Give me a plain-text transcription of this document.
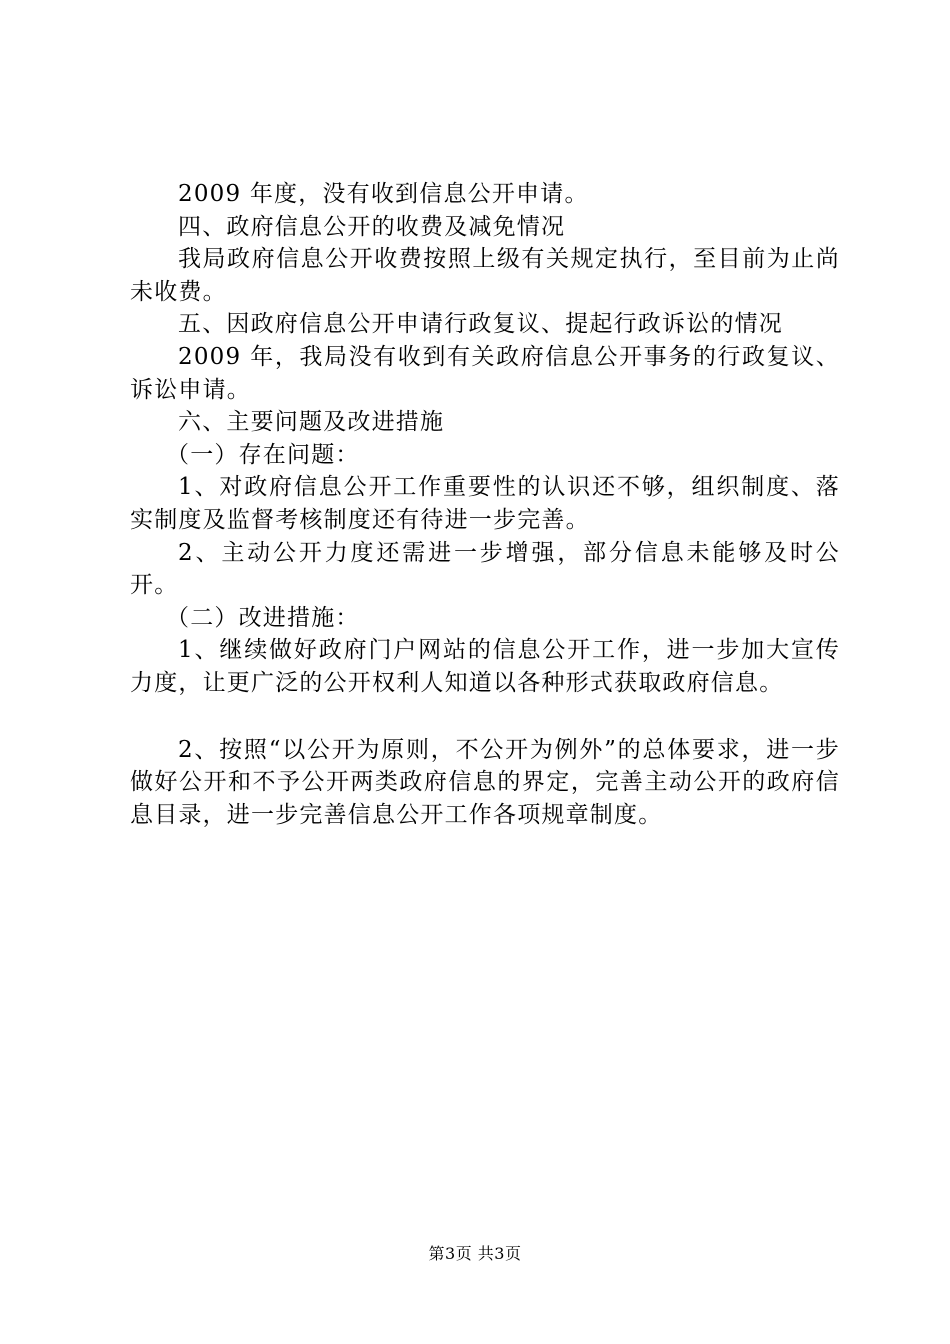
2009 年度，没有收到信息公开申请。

四、政府信息公开的收费及减免情况

我局政府信息公开收费按照上级有关规定执行，至目前为止尚未收费。

五、因政府信息公开申请行政复议、提起行政诉讼的情况

2009 年，我局没有收到有关政府信息公开事务的行政复议、诉讼申请。

六、主要问题及改进措施

（一）存在问题：

1、对政府信息公开工作重要性的认识还不够，组织制度、落实制度及监督考核制度还有待进一步完善。

2、主动公开力度还需进一步增强，部分信息未能够及时公开。

（二）改进措施：

1、继续做好政府门户网站的信息公开工作，进一步加大宣传力度，让更广泛的公开权利人知道以各种形式获取政府信息。

2、按照“以公开为原则，不公开为例外”的总体要求，进一步做好公开和不予公开两类政府信息的界定，完善主动公开的政府信息目录，进一步完善信息公开工作各项规章制度。

第3页 共3页
